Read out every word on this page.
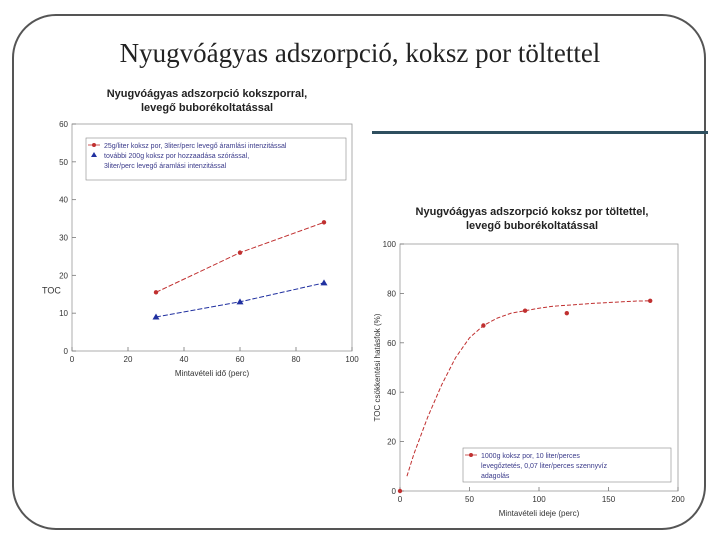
Nyugvóágyas adszorpció, koksz por töltettel
Nyugvóágyas adszorpció kokszporral,
levegő buborékoltatással
0	20	40	60	80	100
0
10
20
30
40
50
60
Mintavételi idő (perc)
TOC
25g/liter koksz por, 3liter/perc levegő áramlási intenzitással
további 200g koksz por hozzaadása szórással,
3liter/perc levegő áramlási intenzitással
Nyugvóágyas adszorpció koksz por töltettel,
levegő buborékoltatással
0	50	100	150	200
0
20
40
60
80
100
Mintavételi ideje (perc)
TOC csökkentési hatásfok (%)
1000g koksz por, 10 liter/perces
levegőztetés, 0,07 liter/perces szennyvíz
adagolás
